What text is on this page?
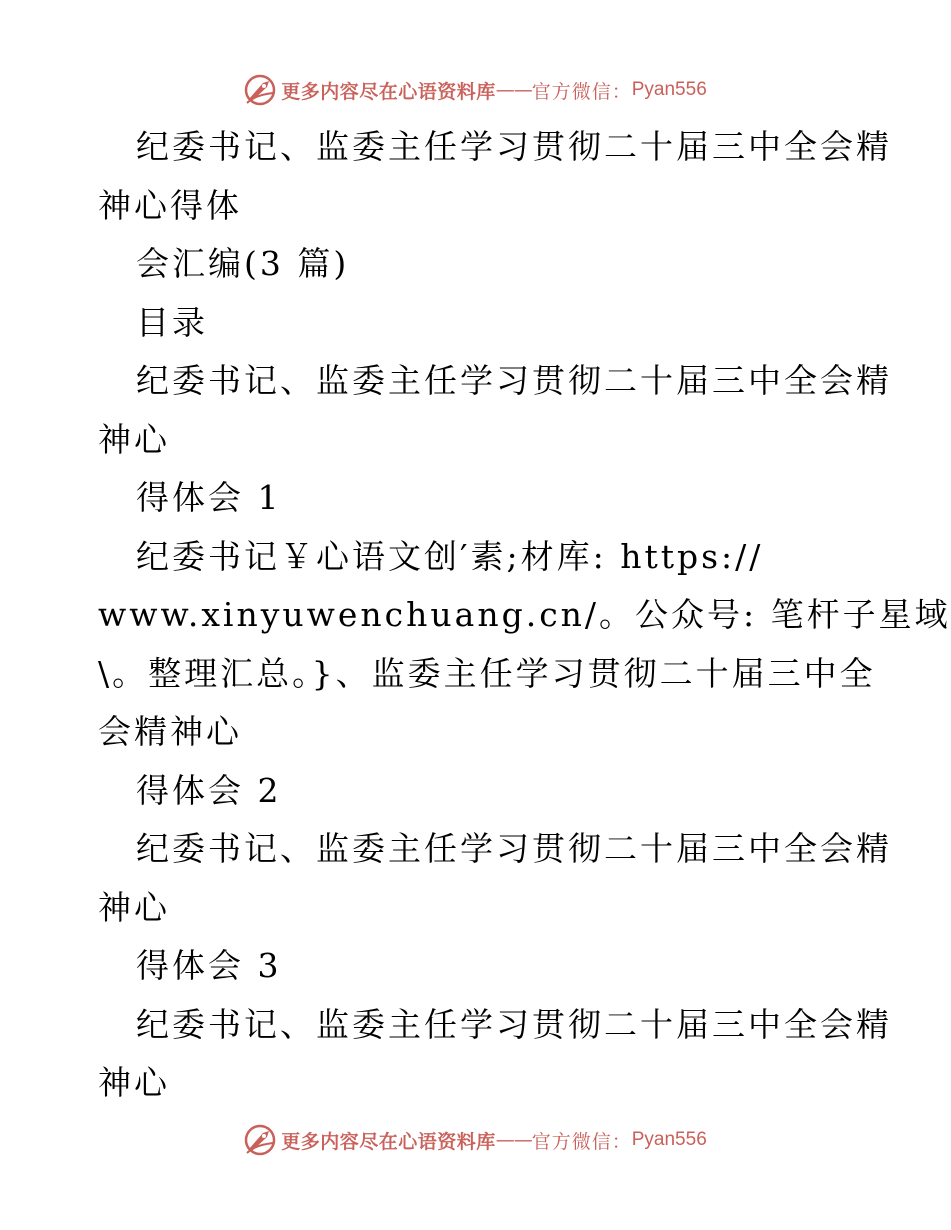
更多内容尽在心语资料库 —— 官方微信： Pyan556
纪委书记、监委主任学习贯彻二十届三中全会精
神心得体
会汇编(3 篇)
目录
纪委书记、监委主任学习贯彻二十届三中全会精
神心
得体会 1
纪委书记￥心语文创′素;材库: https://
www.xinyuwenchuang.cn/。公众号: 笔杆子星域
\。整理汇总。}、监委主任学习贯彻二十届三中全
会精神心
得体会 2
纪委书记、监委主任学习贯彻二十届三中全会精
神心
得体会 3
纪委书记、监委主任学习贯彻二十届三中全会精
神心
更多内容尽在心语资料库 —— 官方微信： Pyan556
